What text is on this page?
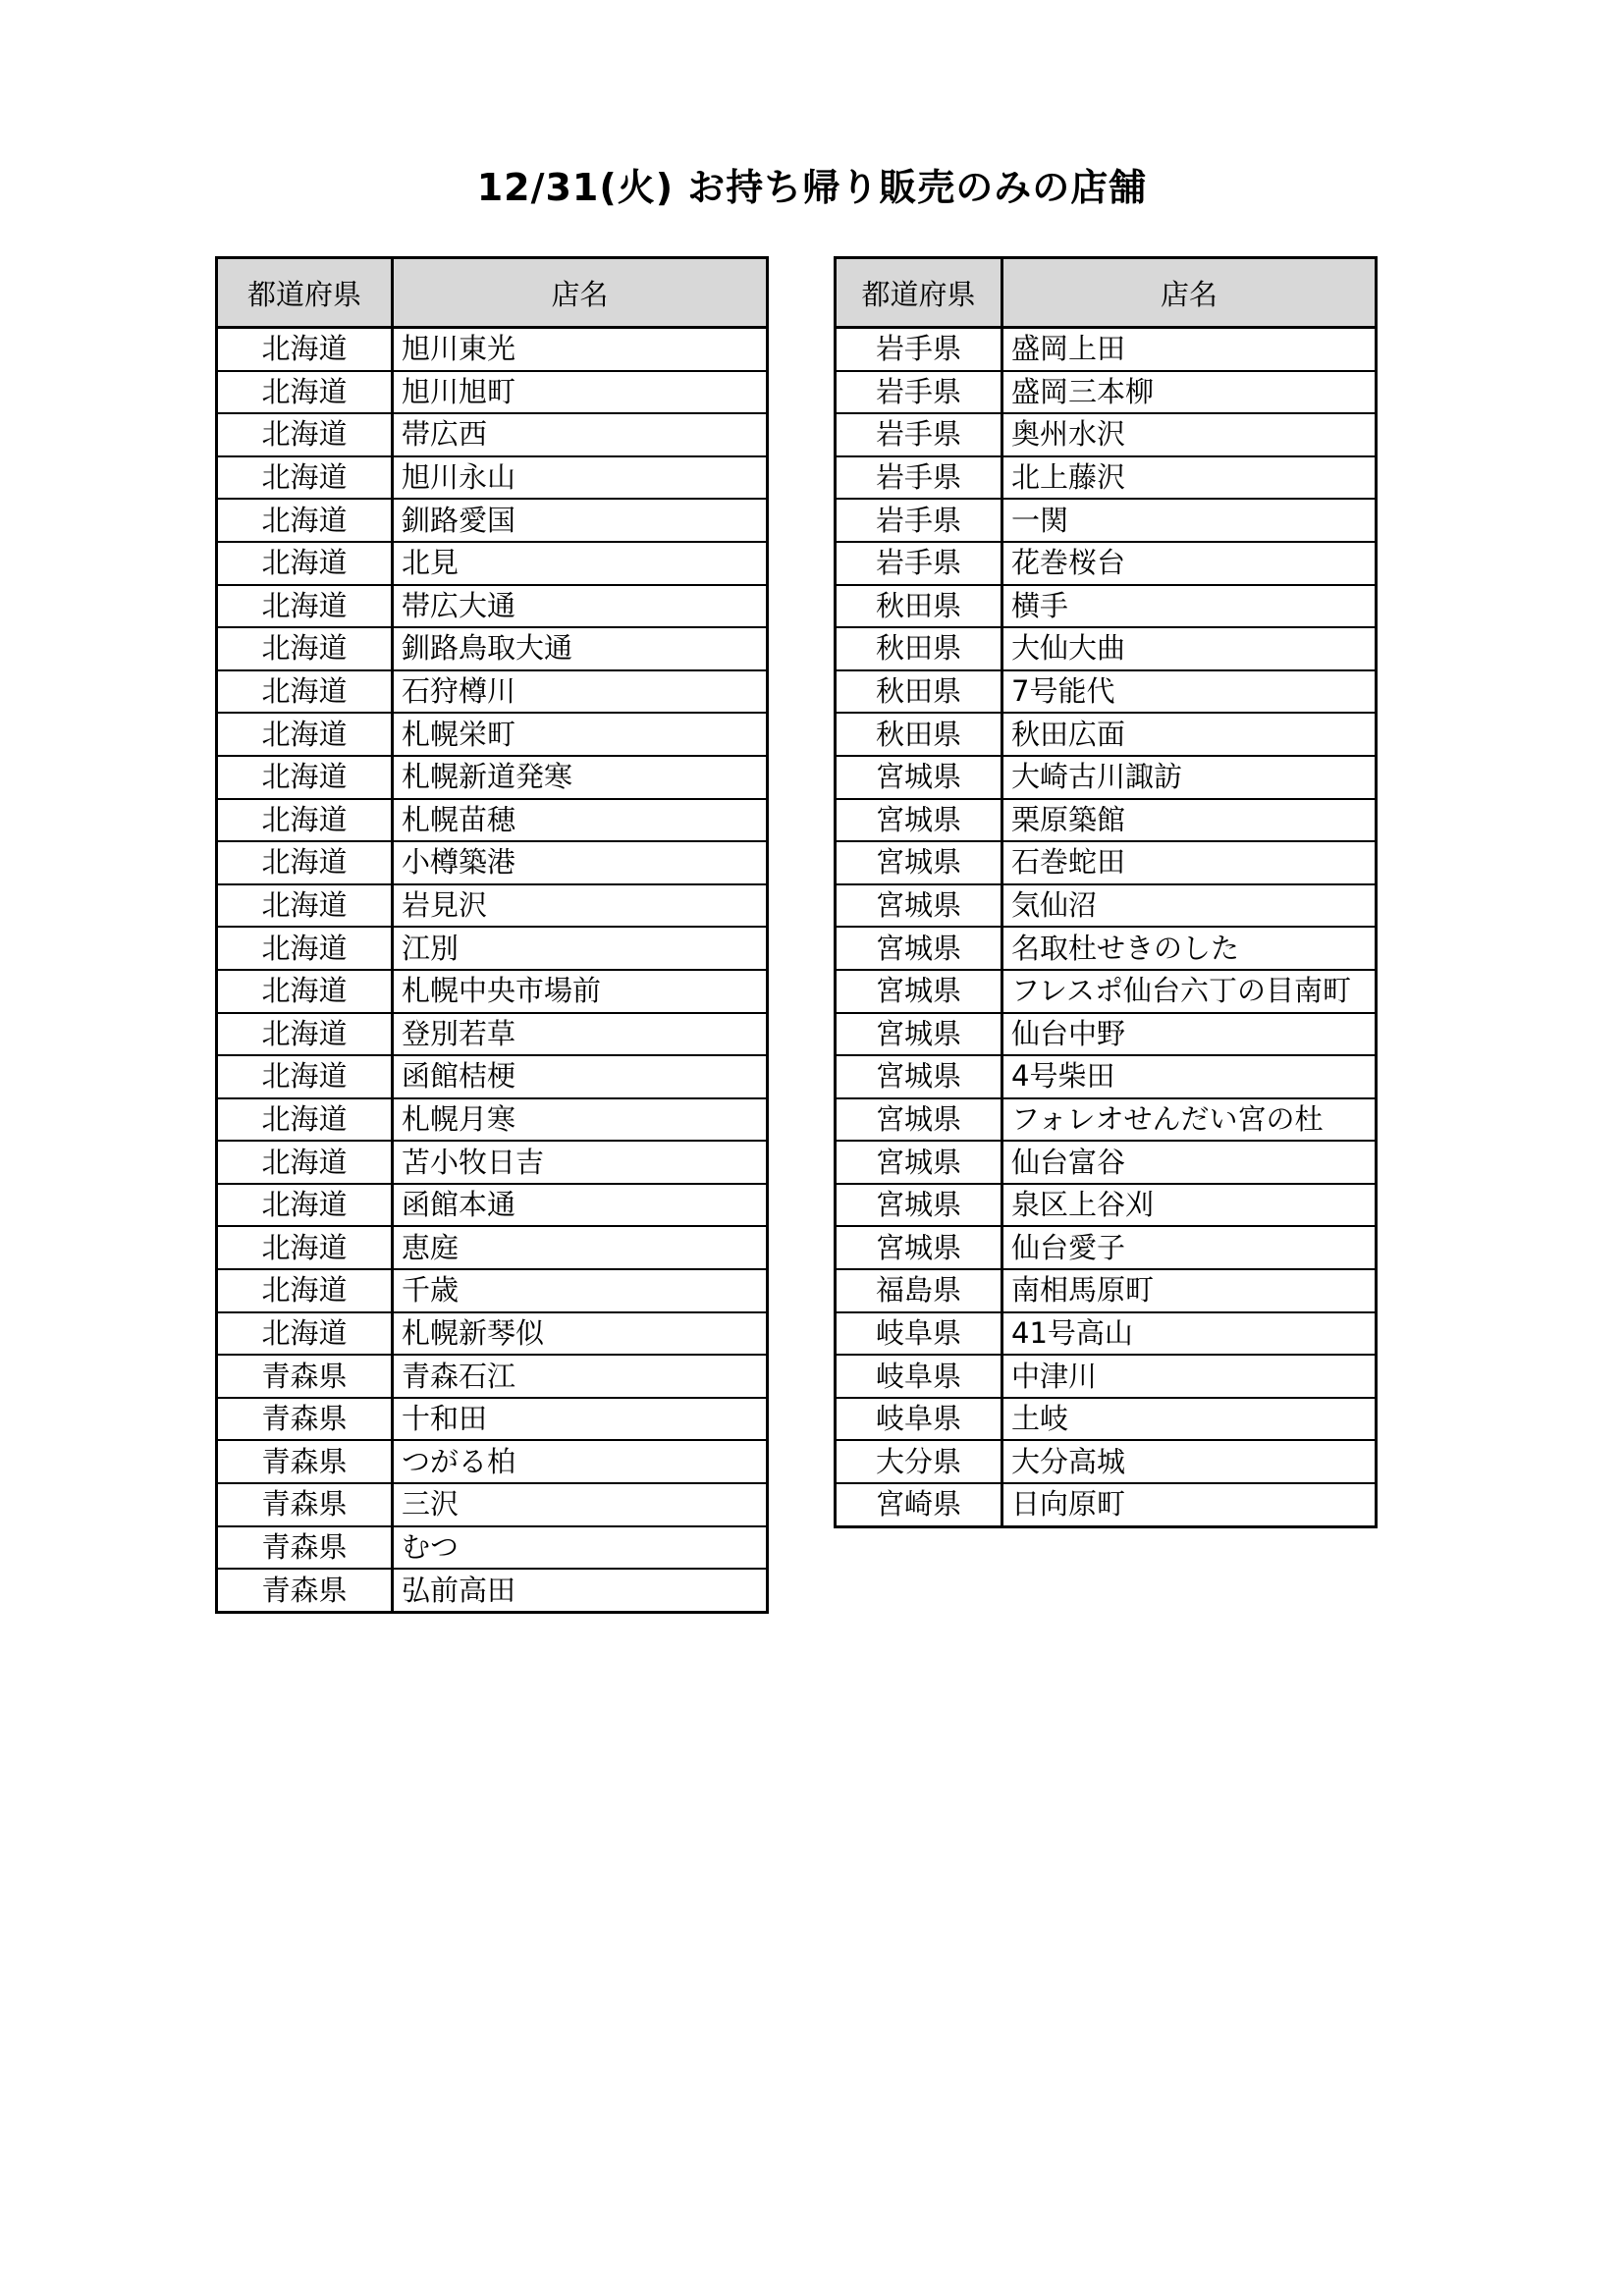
12/31(火) お持ち帰り販売のみの店舗
都道府県	店名
北海道	旭川東光
北海道	旭川旭町
北海道	帯広西
北海道	旭川永山
北海道	釧路愛国
北海道	北見
北海道	帯広大通
北海道	釧路鳥取大通
北海道	石狩樽川
北海道	札幌栄町
北海道	札幌新道発寒
北海道	札幌苗穂
北海道	小樽築港
北海道	岩見沢
北海道	江別
北海道	札幌中央市場前
北海道	登別若草
北海道	函館桔梗
北海道	札幌月寒
北海道	苫小牧日吉
北海道	函館本通
北海道	恵庭
北海道	千歳
北海道	札幌新琴似
青森県	青森石江
青森県	十和田
青森県	つがる柏
青森県	三沢
青森県	むつ
青森県	弘前高田
都道府県	店名
岩手県	盛岡上田
岩手県	盛岡三本柳
岩手県	奥州水沢
岩手県	北上藤沢
岩手県	一関
岩手県	花巻桜台
秋田県	横手
秋田県	大仙大曲
秋田県	7号能代
秋田県	秋田広面
宮城県	大崎古川諏訪
宮城県	栗原築館
宮城県	石巻蛇田
宮城県	気仙沼
宮城県	名取杜せきのした
宮城県	フレスポ仙台六丁の目南町
宮城県	仙台中野
宮城県	4号柴田
宮城県	フォレオせんだい宮の杜
宮城県	仙台富谷
宮城県	泉区上谷刈
宮城県	仙台愛子
福島県	南相馬原町
岐阜県	41号高山
岐阜県	中津川
岐阜県	土岐
大分県	大分高城
宮崎県	日向原町
